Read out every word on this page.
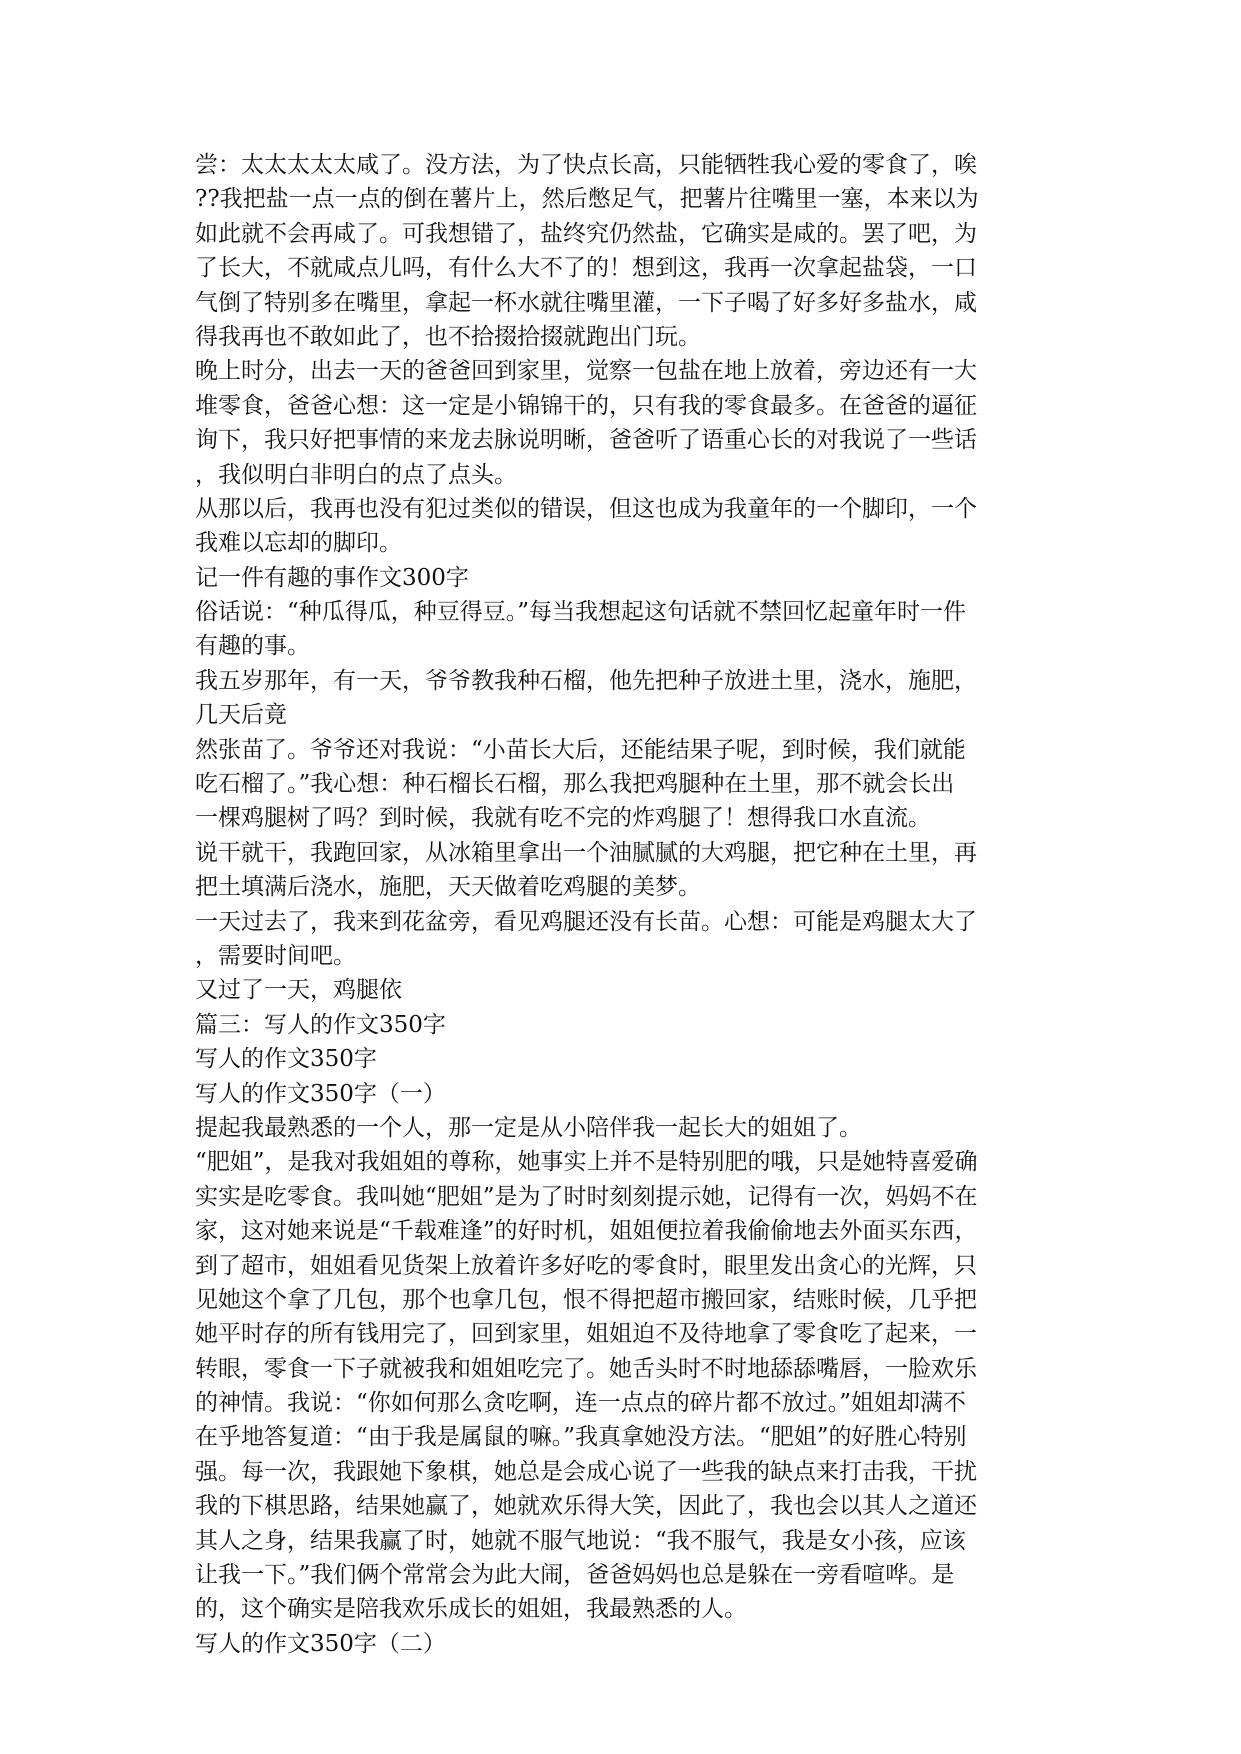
尝：太太太太太咸了。没方法，为了快点长高，只能牺牲我心爱的零食了，唉
??我把盐一点一点的倒在薯片上，然后憋足气，把薯片往嘴里一塞，本来以为
如此就不会再咸了。可我想错了，盐终究仍然盐，它确实是咸的。罢了吧，为
了长大，不就咸点儿吗，有什么大不了的！想到这，我再一次拿起盐袋，一口
气倒了特别多在嘴里，拿起一杯水就往嘴里灌，一下子喝了好多好多盐水，咸
得我再也不敢如此了，也不拾掇拾掇就跑出门玩。
晚上时分，出去一天的爸爸回到家里，觉察一包盐在地上放着，旁边还有一大
堆零食，爸爸心想：这一定是小锦锦干的，只有我的零食最多。在爸爸的逼征
询下，我只好把事情的来龙去脉说明晰，爸爸听了语重心长的对我说了一些话
，我似明白非明白的点了点头。
从那以后，我再也没有犯过类似的错误，但这也成为我童年的一个脚印，一个
我难以忘却的脚印。
记一件有趣的事作文300字
俗话说：“种瓜得瓜，种豆得豆。”每当我想起这句话就不禁回忆起童年时一件
有趣的事。
我五岁那年，有一天，爷爷教我种石榴，他先把种子放进土里，浇水，施肥，
几天后竟
然张苗了。爷爷还对我说：“小苗长大后，还能结果子呢，到时候，我们就能
吃石榴了。”我心想：种石榴长石榴，那么我把鸡腿种在土里，那不就会长出
一棵鸡腿树了吗？到时候，我就有吃不完的炸鸡腿了！想得我口水直流。
说干就干，我跑回家，从冰箱里拿出一个油腻腻的大鸡腿，把它种在土里，再
把土填满后浇水，施肥，天天做着吃鸡腿的美梦。
一天过去了，我来到花盆旁，看见鸡腿还没有长苗。心想：可能是鸡腿太大了
，需要时间吧。
又过了一天，鸡腿依
篇三：写人的作文350字
写人的作文350字
写人的作文350字（一）
提起我最熟悉的一个人，那一定是从小陪伴我一起长大的姐姐了。
“肥姐”，是我对我姐姐的尊称，她事实上并不是特别肥的哦，只是她特喜爱确
实实是吃零食。我叫她“肥姐”是为了时时刻刻提示她，记得有一次，妈妈不在
家，这对她来说是“千载难逢”的好时机，姐姐便拉着我偷偷地去外面买东西，
到了超市，姐姐看见货架上放着许多好吃的零食时，眼里发出贪心的光辉，只
见她这个拿了几包，那个也拿几包，恨不得把超市搬回家，结账时候，几乎把
她平时存的所有钱用完了，回到家里，姐姐迫不及待地拿了零食吃了起来，一
转眼，零食一下子就被我和姐姐吃完了。她舌头时不时地舔舔嘴唇，一脸欢乐
的神情。我说：“你如何那么贪吃啊，连一点点的碎片都不放过。”姐姐却满不
在乎地答复道：“由于我是属鼠的嘛。”我真拿她没方法。“肥姐”的好胜心特别
强。每一次，我跟她下象棋，她总是会成心说了一些我的缺点来打击我，干扰
我的下棋思路，结果她赢了，她就欢乐得大笑，因此了，我也会以其人之道还
其人之身，结果我赢了时，她就不服气地说：“我不服气，我是女小孩，应该
让我一下。”我们俩个常常会为此大闹，爸爸妈妈也总是躲在一旁看喧哗。是
的，这个确实是陪我欢乐成长的姐姐，我最熟悉的人。
写人的作文350字（二）
